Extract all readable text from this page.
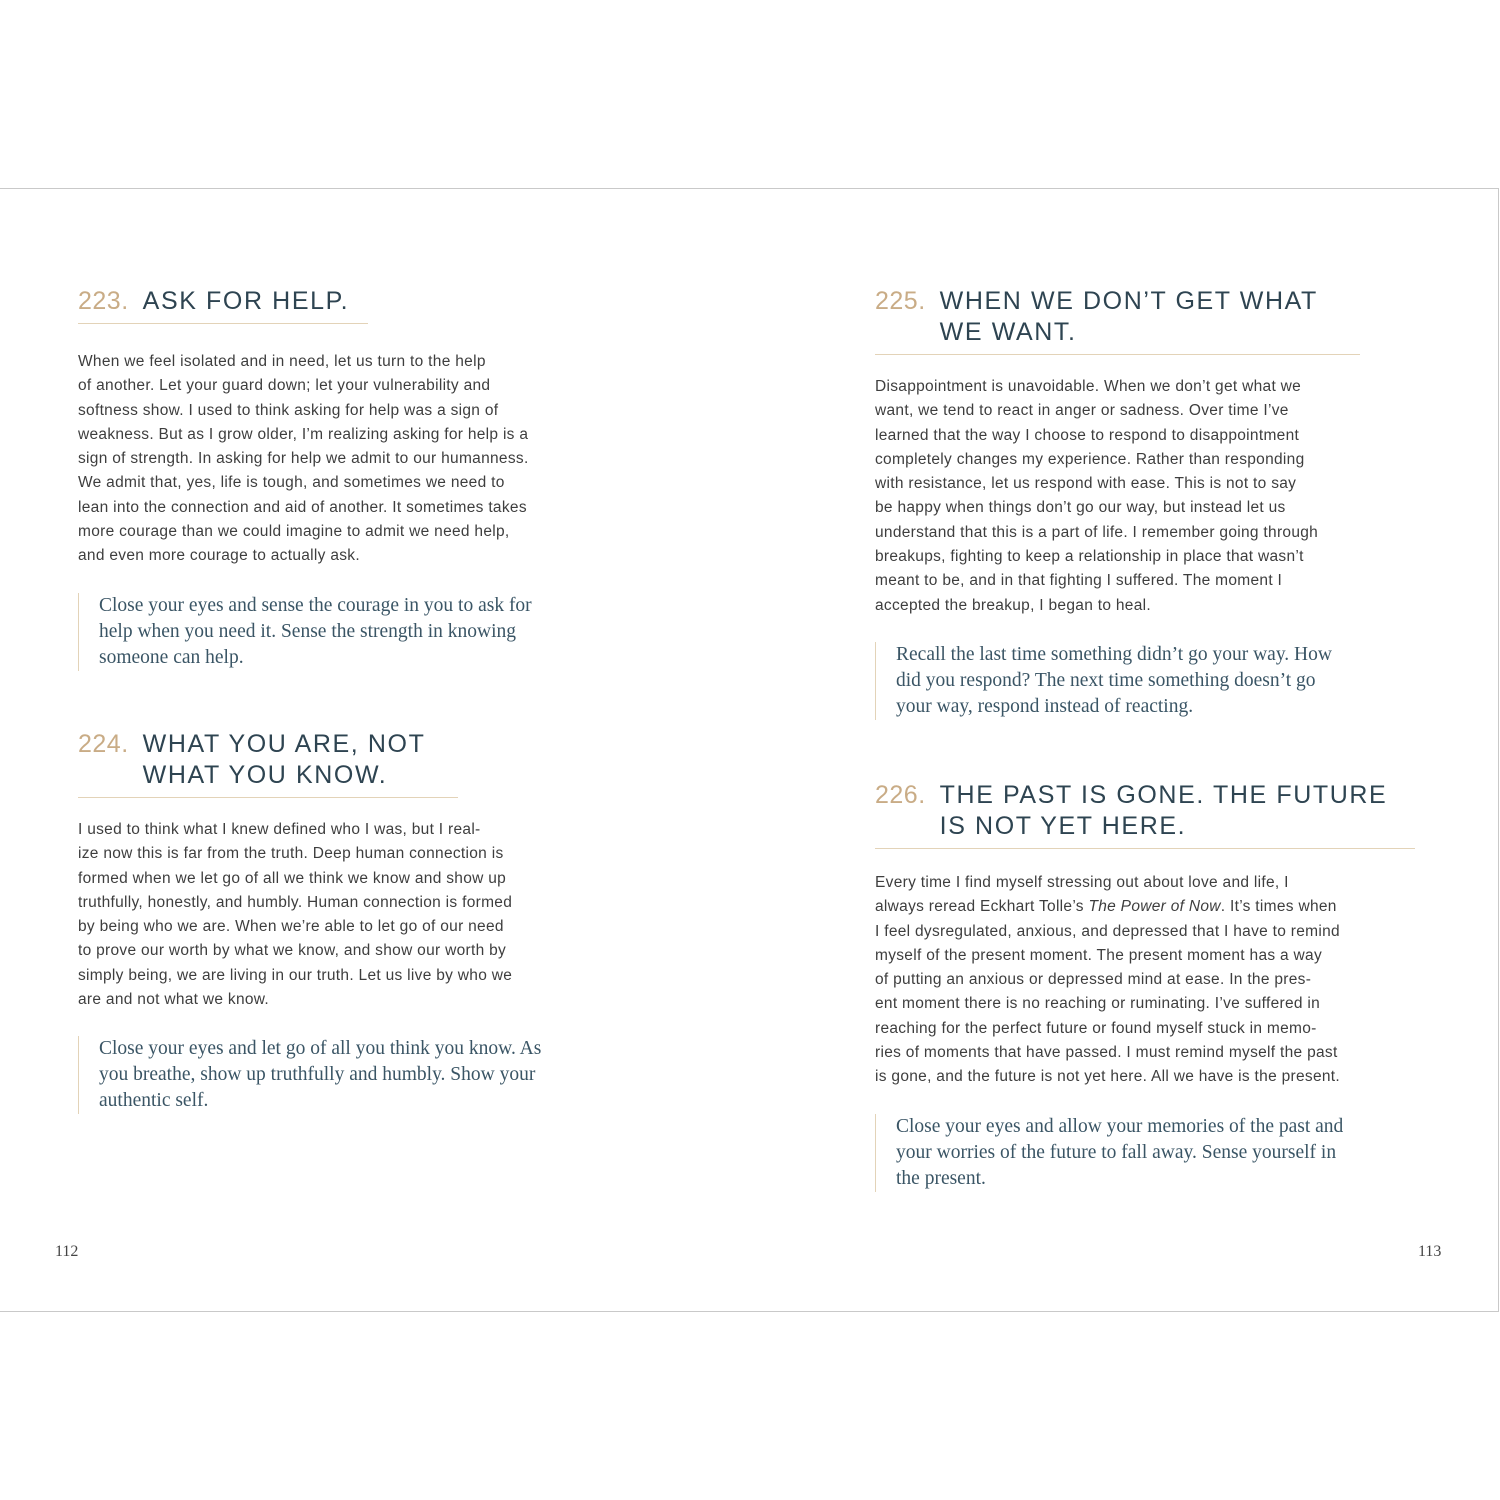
223. ASK FOR HELP.

When we feel isolated and in need, let us turn to the help

of another. Let your guard down; let your vulnerability and

softness show. I used to think asking for help was a sign of

weakness. But as I grow older, I’m realizing asking for help is a

sign of strength. In asking for help we admit to our humanness.

We admit that, yes, life is tough, and sometimes we need to

lean into the connection and aid of another. It sometimes takes

more courage than we could imagine to admit we need help,

and even more courage to actually ask.

Close your eyes and sense the courage in you to ask for

help when you need it. Sense the strength in knowing

someone can help.

224. WHAT YOU ARE, NOT WHAT YOU KNOW.

I used to think what I knew defined who I was, but I real-

ize now this is far from the truth. Deep human connection is

formed when we let go of all we think we know and show up

truthfully, honestly, and humbly. Human connection is formed

by being who we are. When we’re able to let go of our need

to prove our worth by what we know, and show our worth by

simply being, we are living in our truth. Let us live by who we

are and not what we know.

Close your eyes and let go of all you think you know. As

you breathe, show up truthfully and humbly. Show your

authentic self.

225. WHEN WE DON’T GET WHAT WE WANT.

Disappointment is unavoidable. When we don’t get what we

want, we tend to react in anger or sadness. Over time I’ve

learned that the way I choose to respond to disappointment

completely changes my experience. Rather than responding

with resistance, let us respond with ease. This is not to say

be happy when things don’t go our way, but instead let us

understand that this is a part of life. I remember going through

breakups, fighting to keep a relationship in place that wasn’t

meant to be, and in that fighting I suffered. The moment I

accepted the breakup, I began to heal.

Recall the last time something didn’t go your way. How

did you respond? The next time something doesn’t go

your way, respond instead of reacting.

226. THE PAST IS GONE. THE FUTURE IS NOT YET HERE.

Every time I find myself stressing out about love and life, I

always reread Eckhart Tolle’s The Power of Now. It’s times when

I feel dysregulated, anxious, and depressed that I have to remind

myself of the present moment. The present moment has a way

of putting an anxious or depressed mind at ease. In the pres-

ent moment there is no reaching or ruminating. I’ve suffered in

reaching for the perfect future or found myself stuck in memo-

ries of moments that have passed. I must remind myself the past

is gone, and the future is not yet here. All we have is the present.

Close your eyes and allow your memories of the past and

your worries of the future to fall away. Sense yourself in

the present.

112	113
